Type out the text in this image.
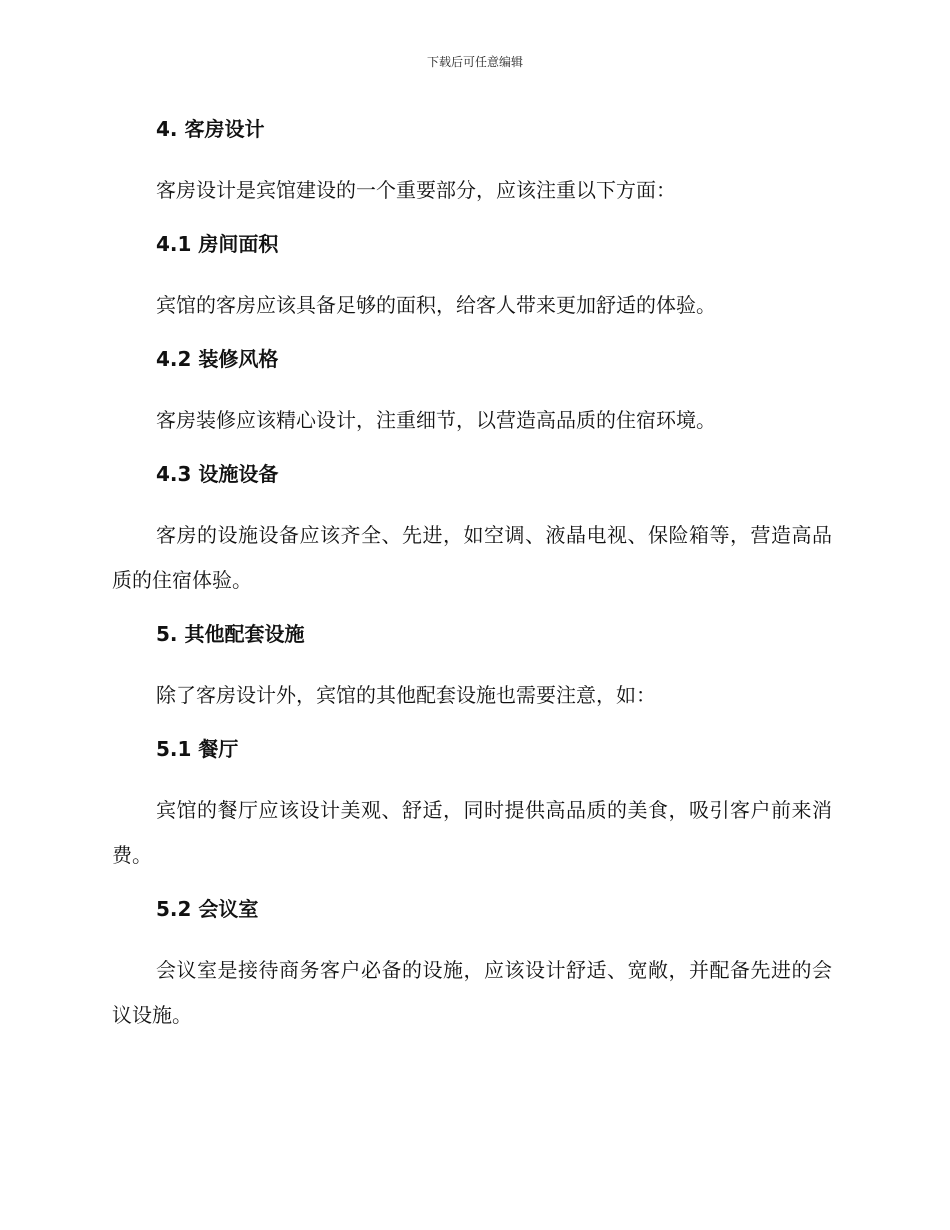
下载后可任意编辑
4. 客房设计

客房设计是宾馆建设的一个重要部分，应该注重以下方面：

4.1 房间面积

宾馆的客房应该具备足够的面积，给客人带来更加舒适的体验。

4.2 装修风格

客房装修应该精心设计，注重细节，以营造高品质的住宿环境。

4.3 设施设备

客房的设施设备应该齐全、先进，如空调、液晶电视、保险箱等，营造高品质的住宿体验。

5. 其他配套设施

除了客房设计外，宾馆的其他配套设施也需要注意，如：

5.1 餐厅

宾馆的餐厅应该设计美观、舒适，同时提供高品质的美食，吸引客户前来消费。

5.2 会议室

会议室是接待商务客户必备的设施，应该设计舒适、宽敞，并配备先进的会议设施。
